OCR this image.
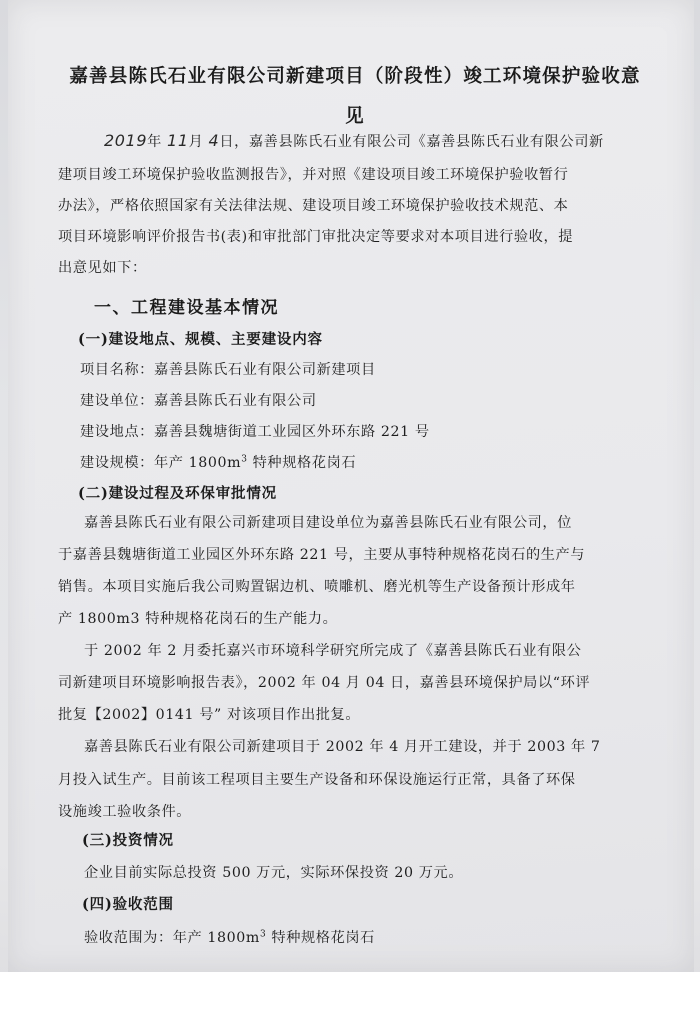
嘉善县陈氏石业有限公司新建项目（阶段性）竣工环境保护验收意
见
2019年 11月 4日，嘉善县陈氏石业有限公司《嘉善县陈氏石业有限公司新
建项目竣工环境保护验收监测报告》，并对照《建设项目竣工环境保护验收暂行
办法》，严格依照国家有关法律法规、建设项目竣工环境保护验收技术规范、本
项目环境影响评价报告书(表)和审批部门审批决定等要求对本项目进行验收，提
出意见如下：
一、工程建设基本情况
(一)建设地点、规模、主要建设内容
项目名称：嘉善县陈氏石业有限公司新建项目
建设单位：嘉善县陈氏石业有限公司
建设地点：嘉善县魏塘街道工业园区外环东路 221 号
建设规模：年产 $1800m^3$ 特种规格花岗石
(二)建设过程及环保审批情况
嘉善县陈氏石业有限公司新建项目建设单位为嘉善县陈氏石业有限公司，位
于嘉善县魏塘街道工业园区外环东路 221 号，主要从事特种规格花岗石的生产与
销售。本项目实施后我公司购置锯边机、喷雕机、磨光机等生产设备预计形成年
产 1800m3 特种规格花岗石的生产能力。
于 2002 年 2 月委托嘉兴市环境科学研究所完成了《嘉善县陈氏石业有限公
司新建项目环境影响报告表》，2002 年 04 月 04 日，嘉善县环境保护局以“环评
批复【2002】0141 号” 对该项目作出批复。
嘉善县陈氏石业有限公司新建项目于 2002 年 4 月开工建设，并于 2003 年 7
月投入试生产。目前该工程项目主要生产设备和环保设施运行正常，具备了环保
设施竣工验收条件。
(三)投资情况
企业目前实际总投资 500 万元，实际环保投资 20 万元。
(四)验收范围
验收范围为：年产 $1800m^3$ 特种规格花岗石
